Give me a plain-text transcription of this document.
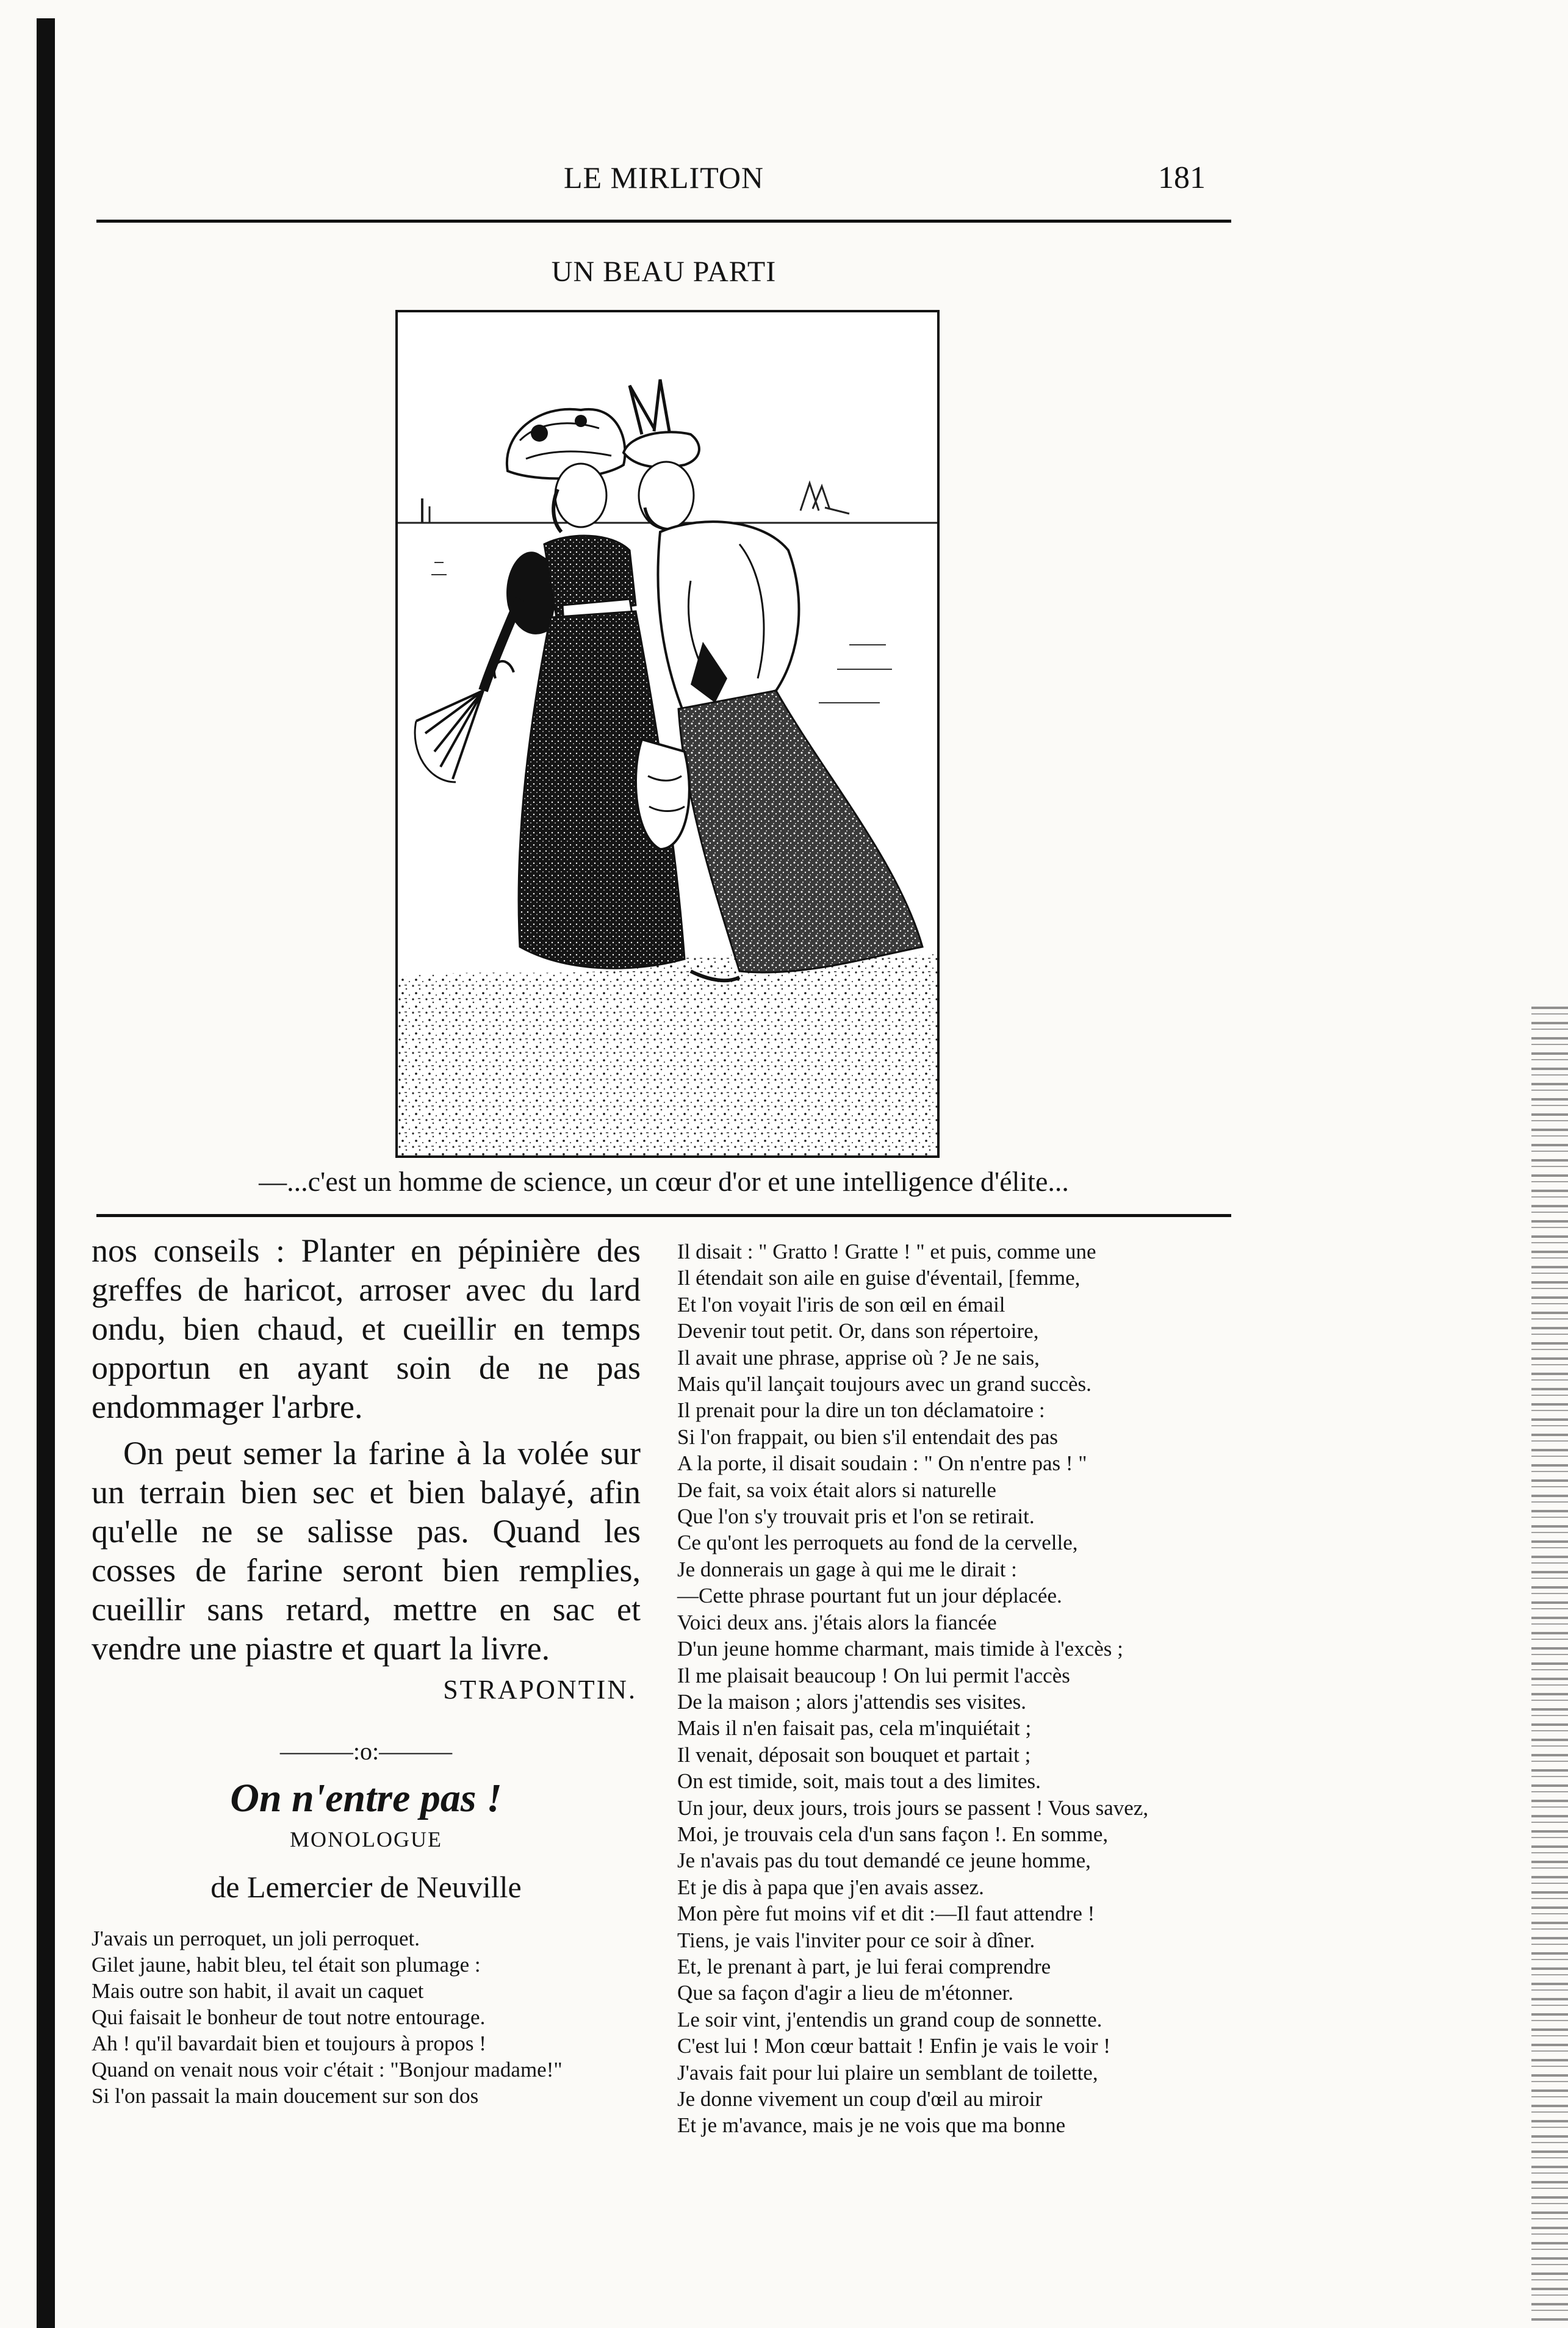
LE MIRLITON	181
UN BEAU PARTI
—...c'est un homme de science, un cœur d'or et une intelligence d'élite...

nos conseils : Planter en pépinière des greffes de haricot, arroser avec du lard ondu, bien chaud, et cueillir en temps opportun en ayant soin de ne pas endommager l'arbre.

On peut semer la farine à la volée sur un terrain bien sec et bien balayé, afin qu'elle ne se salisse pas. Quand les cosses de farine seront bien remplies, cueillir sans retard, mettre en sac et vendre une piastre et quart la livre.

STRAPONTIN.
———:o:———
On n'entre pas !
MONOLOGUE
de Lemercier de Neuville
J'avais un perroquet, un joli perroquet.
Gilet jaune, habit bleu, tel était son plumage :
Mais outre son habit, il avait un caquet
Qui faisait le bonheur de tout notre entourage.
Ah ! qu'il bavardait bien et toujours à propos !
Quand on venait nous voir c'était : "Bonjour madame!"
Si l'on passait la main doucement sur son dos
Il disait : " Gratto ! Gratte ! " et puis, comme une
Il étendait son aile en guise d'éventail, [femme,
Et l'on voyait l'iris de son œil en émail
Devenir tout petit. Or, dans son répertoire,
Il avait une phrase, apprise où ? Je ne sais,
Mais qu'il lançait toujours avec un grand succès.
Il prenait pour la dire un ton déclamatoire :
Si l'on frappait, ou bien s'il entendait des pas
A la porte, il disait soudain : " On n'entre pas ! "
De fait, sa voix était alors si naturelle
Que l'on s'y trouvait pris et l'on se retirait.
Ce qu'ont les perroquets au fond de la cervelle,
Je donnerais un gage à qui me le dirait :
—Cette phrase pourtant fut un jour déplacée.
Voici deux ans. j'étais alors la fiancée
D'un jeune homme charmant, mais timide à l'excès ;
Il me plaisait beaucoup ! On lui permit l'accès
De la maison ; alors j'attendis ses visites.
Mais il n'en faisait pas, cela m'inquiétait ;
Il venait, déposait son bouquet et partait ;
On est timide, soit, mais tout a des limites.
Un jour, deux jours, trois jours se passent ! Vous savez,
Moi, je trouvais cela d'un sans façon !. En somme,
Je n'avais pas du tout demandé ce jeune homme,
Et je dis à papa que j'en avais assez.
Mon père fut moins vif et dit :—Il faut attendre !
Tiens, je vais l'inviter pour ce soir à dîner.
Et, le prenant à part, je lui ferai comprendre
Que sa façon d'agir a lieu de m'étonner.
Le soir vint, j'entendis un grand coup de sonnette.
C'est lui ! Mon cœur battait ! Enfin je vais le voir !
J'avais fait pour lui plaire un semblant de toilette,
Je donne vivement un coup d'œil au miroir
Et je m'avance, mais je ne vois que ma bonne
